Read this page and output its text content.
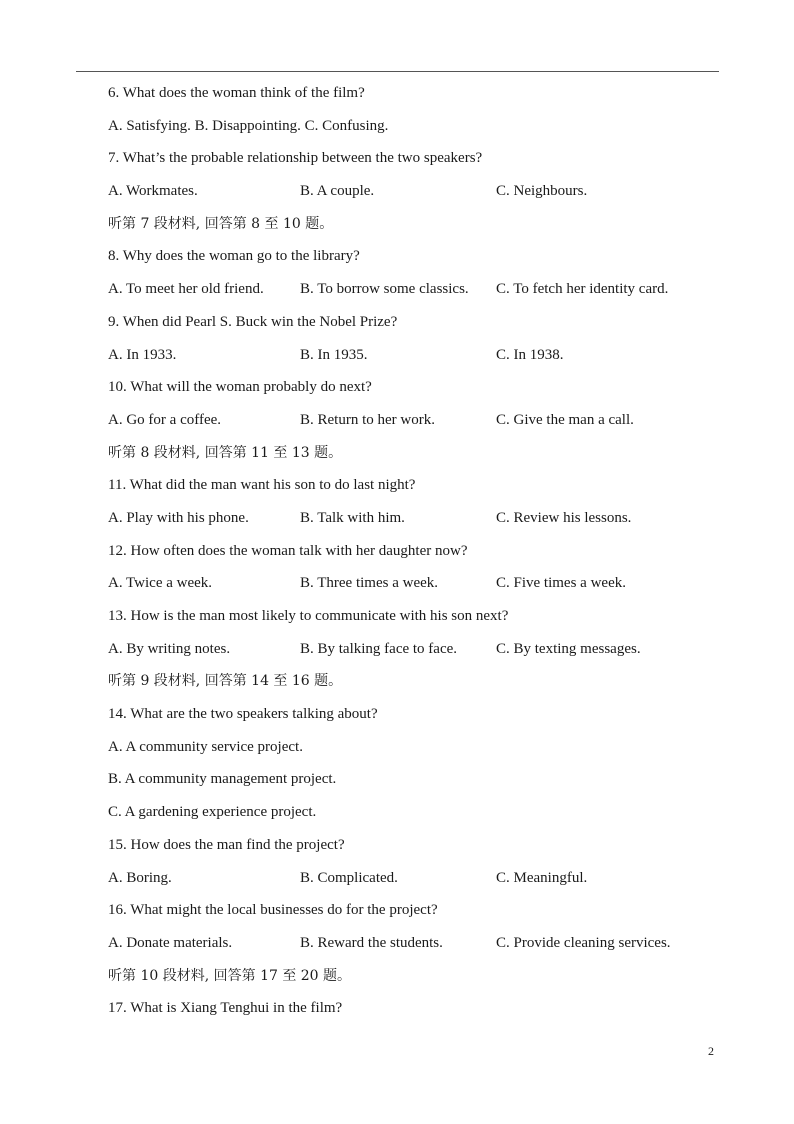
6. What does the woman think of the film?
A. Satisfying. B. Disappointing. C. Confusing.
7. What’s the probable relationship between the two speakers?
A. Workmates.	B. A couple.	C. Neighbours.
听第 7 段材料, 回答第 8 至 10 题。
8. Why does the woman go to the library?
A. To meet her old friend.	B. To borrow some classics.	C. To fetch her identity card.
9. When did Pearl S. Buck win the Nobel Prize?
A. In 1933.	B. In 1935.	C. In 1938.
10. What will the woman probably do next?
A. Go for a coffee.	B. Return to her work.	C. Give the man a call.
听第 8 段材料, 回答第 11 至 13 题。
11. What did the man want his son to do last night?
A. Play with his phone.	B. Talk with him.	C. Review his lessons.
12. How often does the woman talk with her daughter now?
A. Twice a week.	B. Three times a week.	C. Five times a week.
13. How is the man most likely to communicate with his son next?
A. By writing notes.	B. By talking face to face.	C. By texting messages.
听第 9 段材料, 回答第 14 至 16 题。
14. What are the two speakers talking about?
A. A community service project.
B. A community management project.
C. A gardening experience project.
15. How does the man find the project?
A. Boring.	B. Complicated.	C. Meaningful.
16. What might the local businesses do for the project?
A. Donate materials.	B. Reward the students.	C. Provide cleaning services.
听第 10 段材料, 回答第 17 至 20 题。
17. What is Xiang Tenghui in the film?
2
